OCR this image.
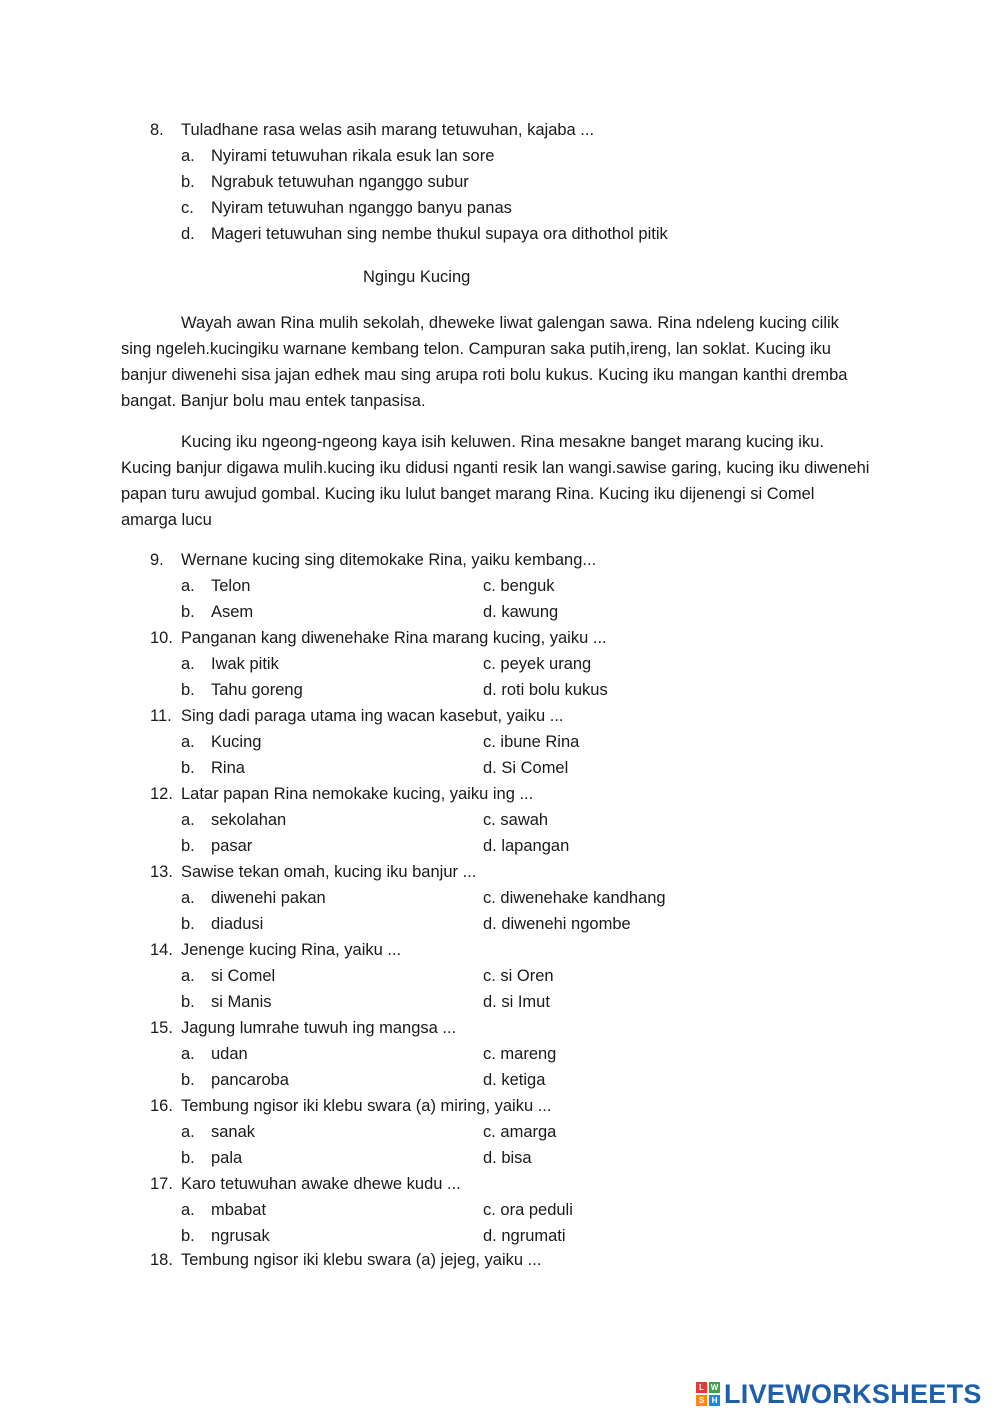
8. Tuladhane rasa welas asih marang tetuwuhan, kajaba ...
a. Nyirami tetuwuhan rikala esuk lan sore
b. Ngrabuk tetuwuhan nganggo subur
c. Nyiram tetuwuhan nganggo banyu panas
d. Mageri tetuwuhan sing nembe thukul supaya ora dithothol pitik
Ngingu Kucing
Wayah awan Rina mulih sekolah, dheweke liwat galengan sawa. Rina ndeleng kucing cilik sing ngeleh.kucingiku warnane kembang telon. Campuran saka putih,ireng, lan soklat. Kucing iku banjur diwenehi sisa jajan edhek mau sing arupa roti bolu kukus. Kucing iku mangan kanthi dremba bangat. Banjur bolu mau entek tanpasisa.
Kucing iku ngeong-ngeong kaya isih keluwen. Rina mesakne banget marang kucing iku. Kucing banjur digawa mulih.kucing iku didusi nganti resik lan wangi.sawise garing, kucing iku diwenehi papan turu awujud gombal. Kucing iku lulut banget marang Rina. Kucing iku dijenengi si Comel amarga lucu
9. Wernane kucing sing ditemokake Rina, yaiku kembang...
a. Telon
b. Asem
c. benguk
d. kawung
10. Panganan kang diwenehake Rina marang kucing, yaiku ...
a. Iwak pitik
b. Tahu goreng
c. peyek urang
d. roti bolu kukus
11. Sing dadi paraga utama ing wacan kasebut, yaiku ...
a. Kucing
b. Rina
c. ibune Rina
d. Si Comel
12. Latar papan Rina nemokake kucing, yaiku ing ...
a. sekolahan
b. pasar
c. sawah
d. lapangan
13. Sawise tekan omah, kucing iku banjur ...
a. diwenehi pakan
b. diadusi
c. diwenehake kandhang
d. diwenehi ngombe
14. Jenenge kucing Rina, yaiku ...
a. si Comel
b. si Manis
c. si Oren
d. si Imut
15. Jagung lumrahe tuwuh ing mangsa ...
a. udan
b. pancaroba
c. mareng
d. ketiga
16. Tembung ngisor iki klebu swara (a) miring, yaiku ...
a. sanak
b. pala
c. amarga
d. bisa
17. Karo tetuwuhan awake dhewe kudu ...
a. mbabat
b. ngrusak
c. ora peduli
d. ngrumati
18. Tembung ngisor iki klebu swara (a) jejeg, yaiku ...
L W
S H LIVEWORKSHEETS
